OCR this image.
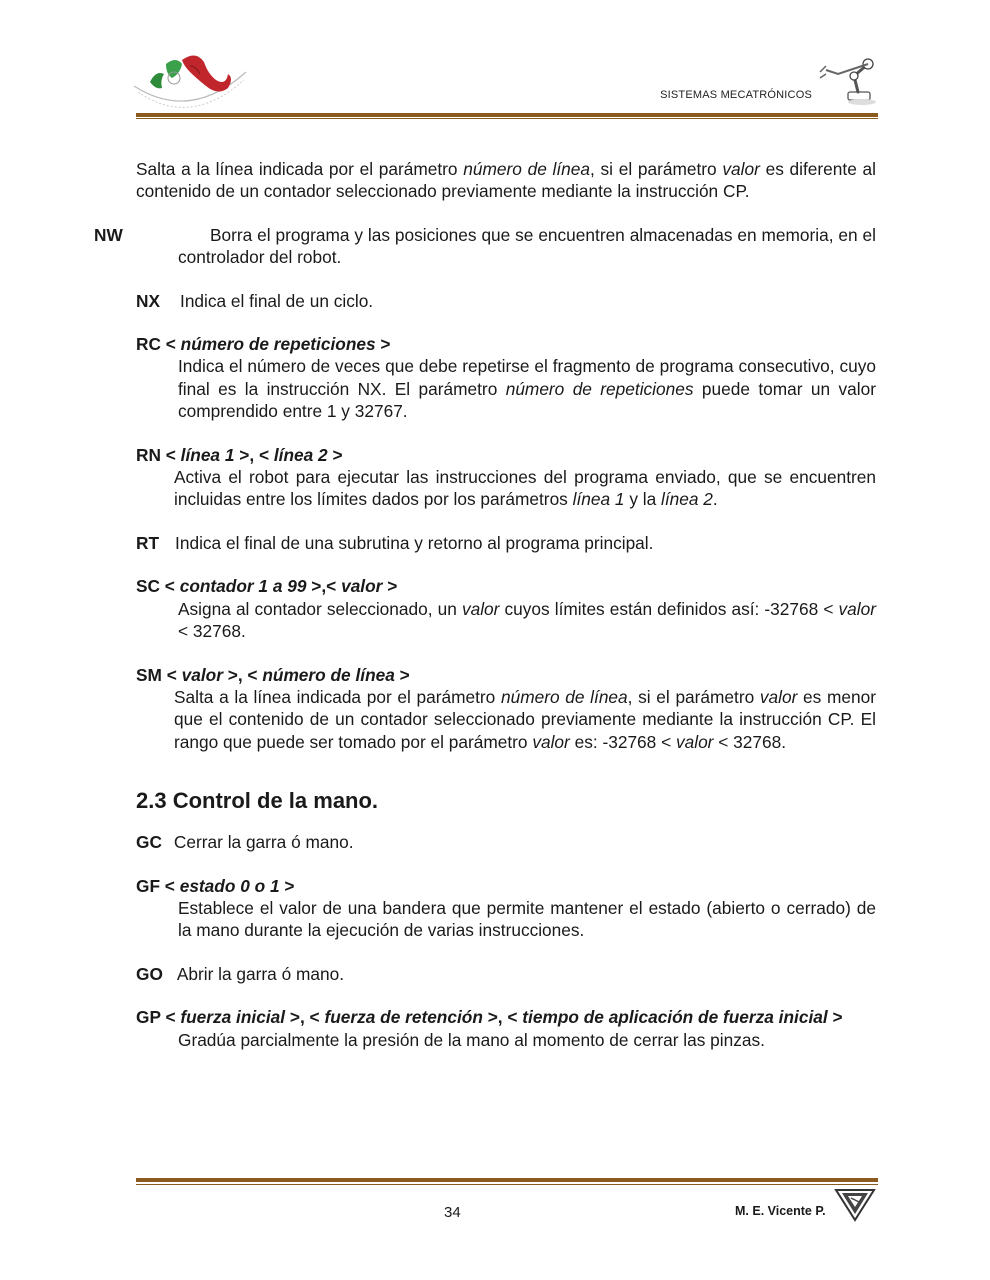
SISTEMAS MECATRÓNICOS

Salta a la línea indicada por el parámetro número de línea, si el parámetro valor es diferente al contenido de un contador seleccionado previamente mediante la instrucción CP.

NW	Borra el programa y las posiciones que se encuentren almacenadas en memoria, en el controlador del robot.
NX Indica el final de un ciclo.
RC < número de repeticiones >

Indica el número de veces que debe repetirse el fragmento de programa consecutivo, cuyo final es la instrucción NX. El parámetro número de repeticiones puede tomar un valor comprendido entre 1 y 32767.

RN < línea 1 >, < línea 2 >

Activa el robot para ejecutar las instrucciones del programa enviado, que se encuentren incluidas entre los límites dados por los parámetros línea 1 y la línea 2.

RT Indica el final de una subrutina y retorno al programa principal.
SC < contador 1 a 99 >,< valor >

Asigna al contador seleccionado, un valor cuyos límites están definidos así: -32768 < valor < 32768.

SM < valor >, < número de línea >

Salta a la línea indicada por el parámetro número de línea, si el parámetro valor es menor que el contenido de un contador seleccionado previamente mediante la instrucción CP. El rango que puede ser tomado por el parámetro valor es: -32768 < valor < 32768.

2.3 Control de la mano.
GC Cerrar la garra ó mano.
GF < estado 0 o 1 >

Establece el valor de una bandera que permite mantener el estado (abierto o cerrado) de la mano durante la ejecución de varias instrucciones.

GO Abrir la garra ó mano.
GP < fuerza inicial >, < fuerza de retención >, < tiempo de aplicación de fuerza inicial >

Gradúa parcialmente la presión de la mano al momento de cerrar las pinzas.

34	M. E. Vicente P.
